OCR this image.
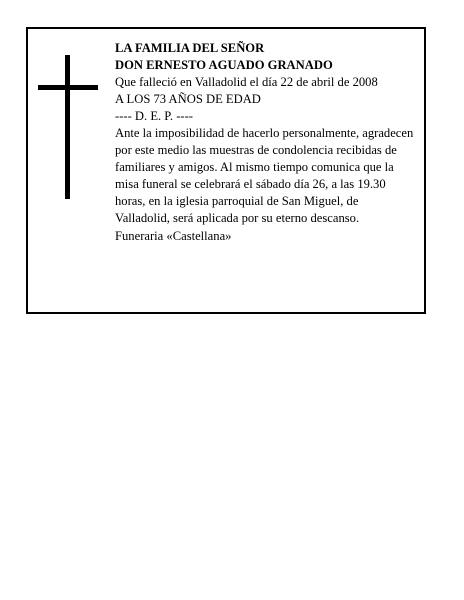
LA FAMILIA DEL SEÑOR
DON ERNESTO AGUADO GRANADO
Que falleció en Valladolid el día 22 de abril de 2008
A LOS 73 AÑOS DE EDAD
---- D. E. P. ----

Ante la imposibilidad de hacerlo personalmente, agradecen por este medio las muestras de condolencia recibidas de familiares y amigos. Al mismo tiempo comunica que la misa funeral se celebrará el sábado día 26, a las 19.30 horas, en la iglesia parroquial de San Miguel, de Valladolid, será aplicada por su eterno descanso.

Funeraria «Castellana»
